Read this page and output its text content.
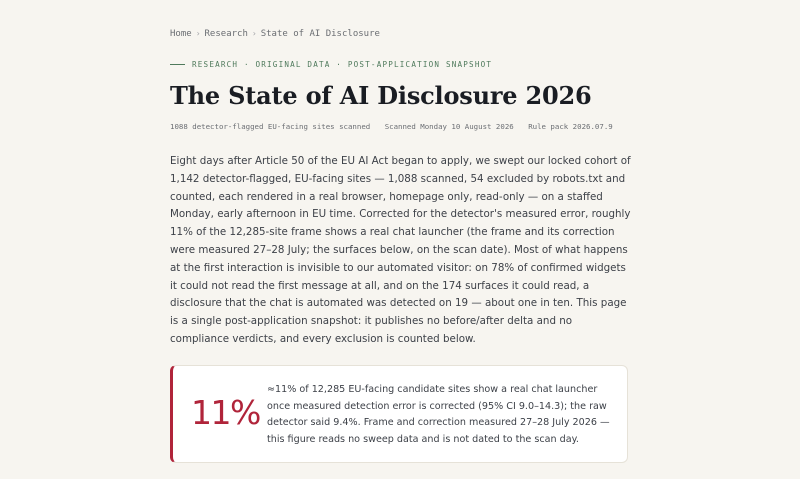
Home › Research › State of AI Disclosure
RESEARCH · ORIGINAL DATA · POST-APPLICATION SNAPSHOT
The State of AI Disclosure 2026
1088 detector-flagged EU-facing sites scanned Scanned Monday 10 August 2026 Rule pack 2026.07.9

Eight days after Article 50 of the EU AI Act began to apply, we swept our locked cohort of 1,142 detector-flagged, EU-facing sites — 1,088 scanned, 54 excluded by robots.txt and counted, each rendered in a real browser, homepage only, read-only — on a staffed Monday, early afternoon in EU time. Corrected for the detector's measured error, roughly 11% of the 12,285-site frame shows a real chat launcher (the frame and its correction were measured 27–28 July; the surfaces below, on the scan date). Most of what happens at the first interaction is invisible to our automated visitor: on 78% of confirmed widgets it could not read the first message at all, and on the 174 surfaces it could read, a disclosure that the chat is automated was detected on 19 — about one in ten. This page is a single post-application snapshot: it publishes no before/after delta and no compliance verdicts, and every exclusion is counted below.

11%

≈11% of 12,285 EU-facing candidate sites show a real chat launcher once measured detection error is corrected (95% CI 9.0–14.3); the raw detector said 9.4%. Frame and correction measured 27–28 July 2026 — this figure reads no sweep data and is not dated to the scan day.
